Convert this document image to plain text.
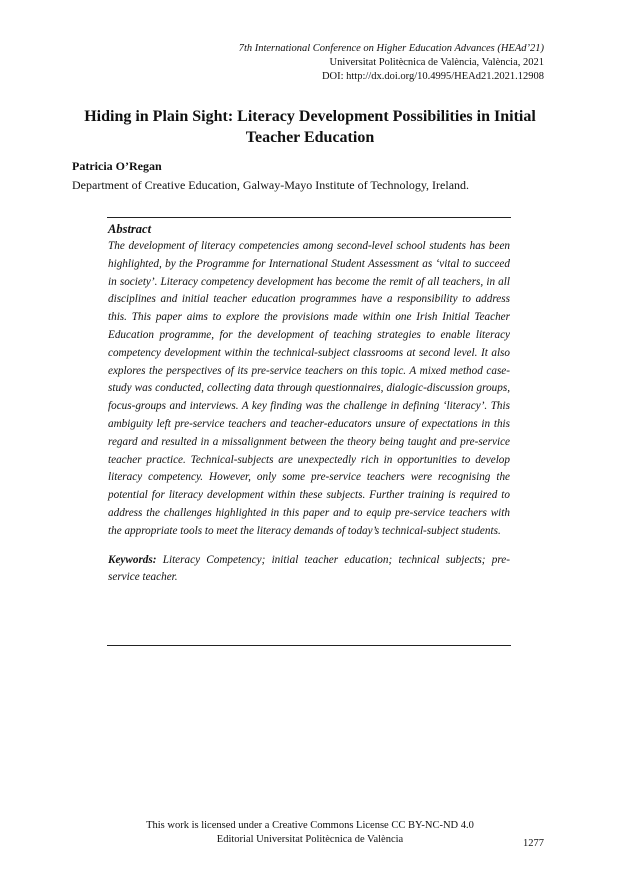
7th International Conference on Higher Education Advances (HEAd’21)
Universitat Politècnica de València, València, 2021
DOI: http://dx.doi.org/10.4995/HEAd21.2021.12908
Hiding in Plain Sight: Literacy Development Possibilities in Initial
Teacher Education
Patricia O’Regan
Department of Creative Education, Galway-Mayo Institute of Technology, Ireland.
Abstract

The development of literacy competencies among second-level school students has been highlighted, by the Programme for International Student Assessment as ‘vital to succeed in society’. Literacy competency development has become the remit of all teachers, in all disciplines and initial teacher education programmes have a responsibility to address this. This paper aims to explore the provisions made within one Irish Initial Teacher Education programme, for the development of teaching strategies to enable literacy competency development within the technical-subject classrooms at second level. It also explores the perspectives of its pre-service teachers on this topic. A mixed method case-study was conducted, collecting data through questionnaires, dialogic-discussion groups, focus-groups and interviews. A key finding was the challenge in defining ‘literacy’. This ambiguity left pre-service teachers and teacher-educators unsure of expectations in this regard and resulted in a missalignment between the theory being taught and pre-service teacher practice. Technical-subjects are unexpectedly rich in opportunities to develop literacy competency. However, only some pre-service teachers were recognising the potential for literacy development within these subjects. Further training is required to address the challenges highlighted in this paper and to equip pre-service teachers with the appropriate tools to meet the literacy demands of today’s technical-subject students.

Keywords: Literacy Competency; initial teacher education; technical subjects; pre-service teacher.

This work is licensed under a Creative Commons License CC BY-NC-ND 4.0
Editorial Universitat Politècnica de València	1277
